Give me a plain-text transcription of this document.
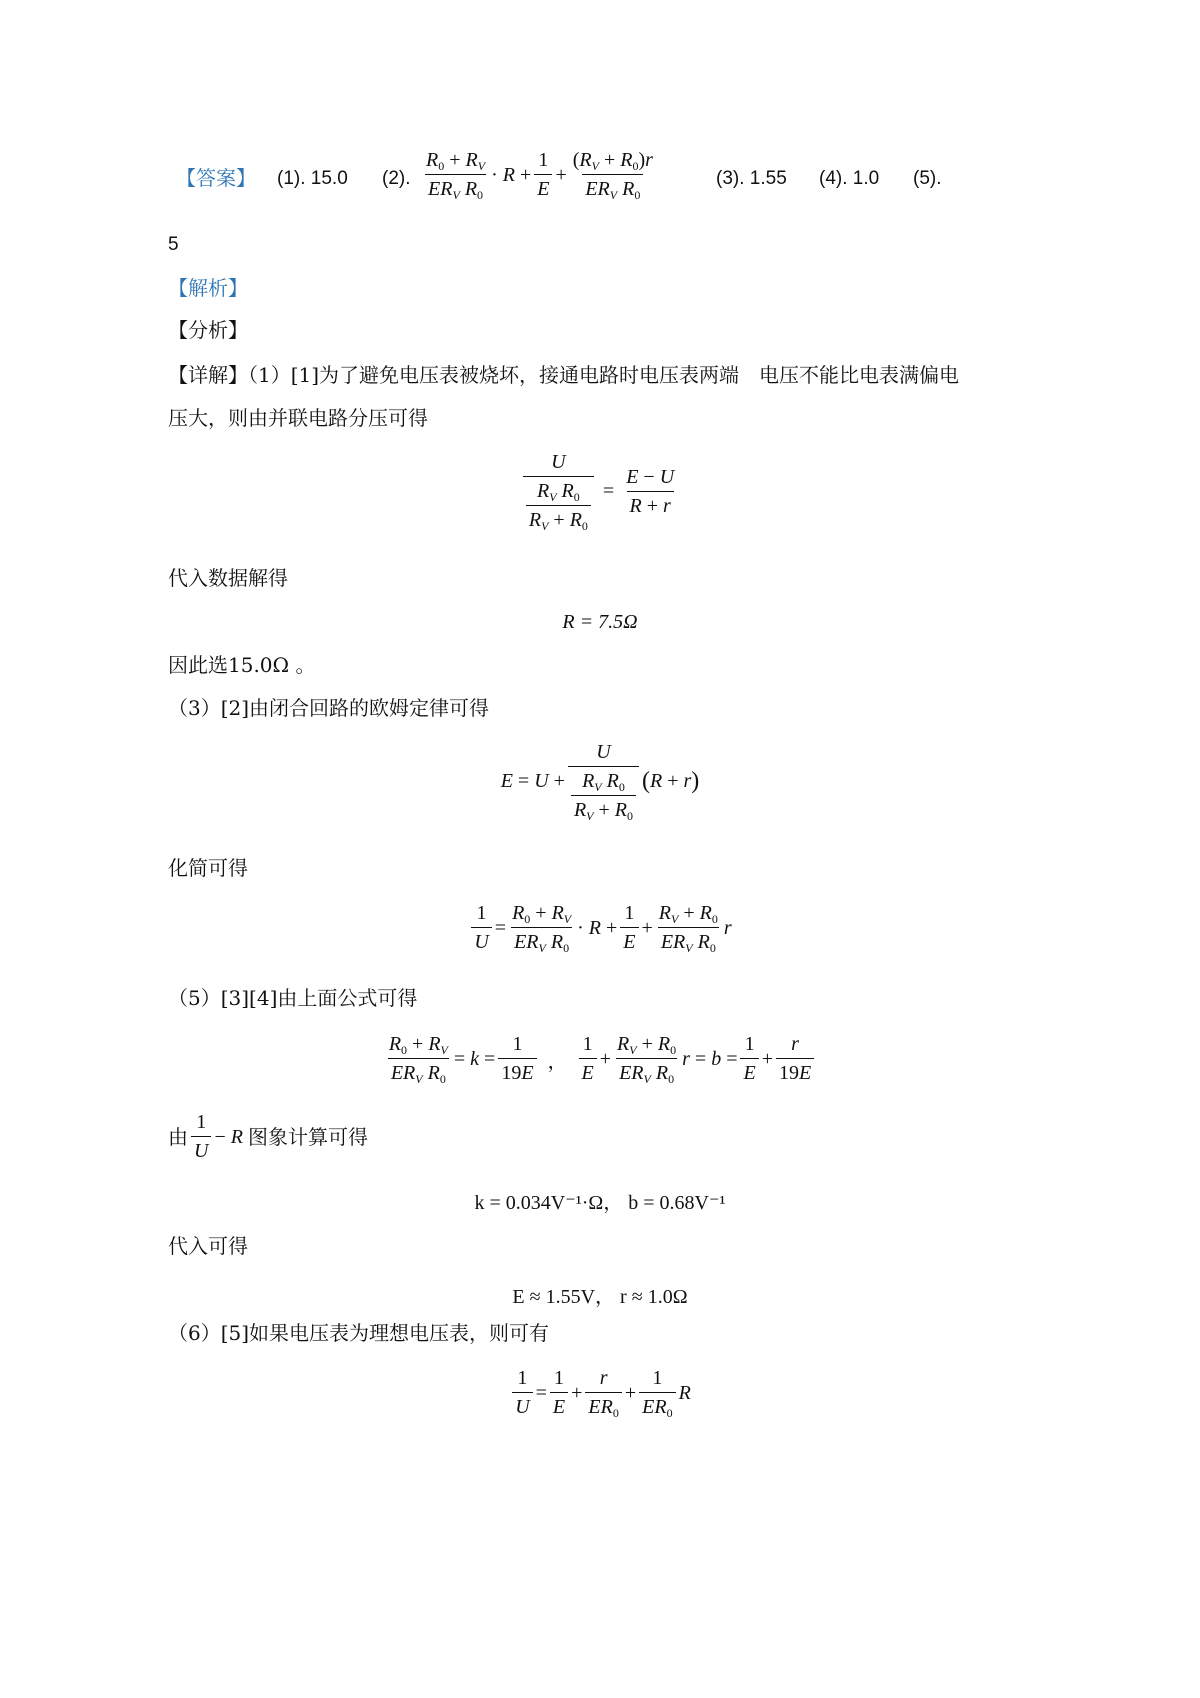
【答案】 (1). 15.0 (2). $\frac{R_0 + R_V}{ER_V R_0} \cdot R + \frac{1}{E} + \frac{(R_V + R_0)r}{ER_V R_0}$	(3). 1.55 (4). 1.0 (5).
5
【解析】
【分析】
【详解】（1）[1]为了避免电压表被烧坏，接通电路时电压表两端　电压不能比电表满偏电
压大，则由并联电路分压可得
$\frac{U}{\frac{R_V R_0}{R_V + R_0}} = \frac{E - U}{R + r}$
代入数据解得
R = 7.5Ω
因此选15.0Ω 。
（3）[2]由闭合回路的欧姆定律可得
$E = U + \frac{U}{\frac{R_V R_0}{R_V + R_0}}$ ( R + r )
化简可得
$\frac{1}{U} = \frac{R_0 + R_V}{ER_V R_0} \cdot R + \frac{1}{E} + \frac{R_V + R_0}{ER_V R_0}$ r
（5）[3][4]由上面公式可得
$\frac{R_0 + R_V}{ER_V R_0} = k = \frac{1}{19E}$ ， $\frac{1}{E} + \frac{R_V + R_0}{ER_V R_0}$ $r = b = \frac{1}{E} + \frac{r}{19E}$
由 $\frac{1}{U} - R$ 图象计算可得
k = 0.034V⁻¹·Ω， b = 0.68V⁻¹
代入可得
E ≈ 1.55V， r ≈ 1.0Ω
（6）[5]如果电压表为理想电压表，则可有
$\frac{1}{U} = \frac{1}{E} + \frac{r}{ER_0} + \frac{1}{ER_0}$ R
